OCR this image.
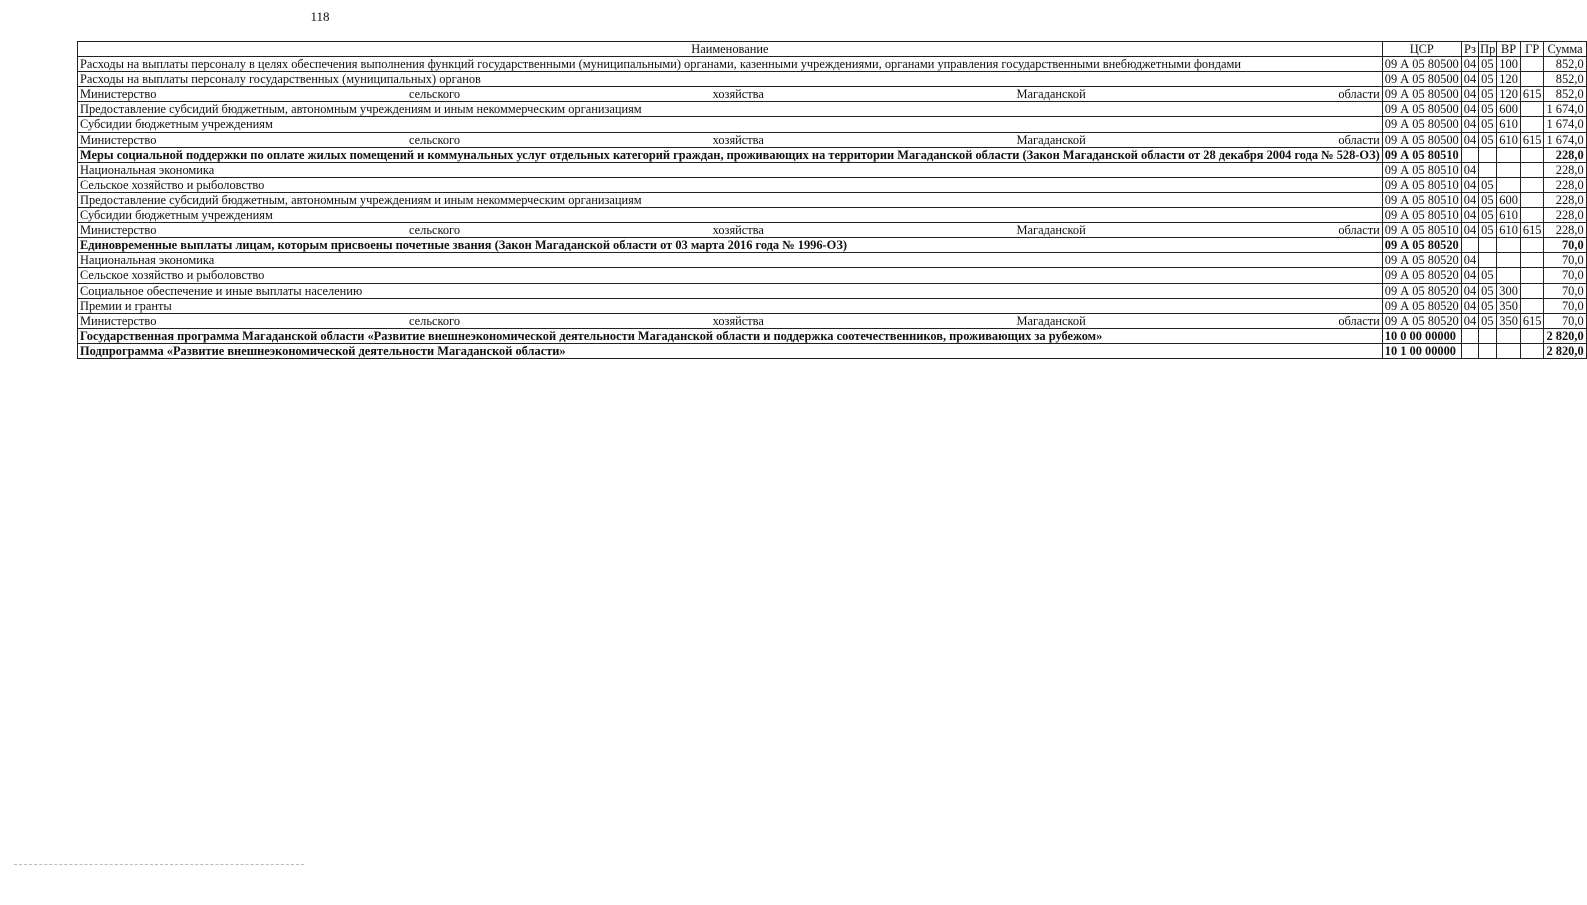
118
Наименование	ЦСР	Рз	Пр	ВР	ГР	Сумма
Расходы на выплаты персоналу в целях обеспечения выполнения функций государственными (муниципальными) органами, казенными учреждениями, органами управления государственными внебюджетными фондами	09 А 05 80500	04	05	100		852,0
Расходы на выплаты персоналу государственных (муниципальных) органов	09 А 05 80500	04	05	120		852,0
Министерство сельского хозяйства Магаданской области	09 А 05 80500	04	05	120	615	852,0
Предоставление субсидий бюджетным, автономным учреждениям и иным некоммерческим организациям	09 А 05 80500	04	05	600		1 674,0
Субсидии бюджетным учреждениям	09 А 05 80500	04	05	610		1 674,0
Министерство сельского хозяйства Магаданской области	09 А 05 80500	04	05	610	615	1 674,0
Меры социальной поддержки по оплате жилых помещений и коммунальных услуг отдельных категорий граждан, проживающих на территории Магаданской области (Закон Магаданской области от 28 декабря 2004 года № 528-ОЗ)	09 А 05 80510					228,0
Национальная экономика	09 А 05 80510	04				228,0
Сельское хозяйство и рыболовство	09 А 05 80510	04	05			228,0
Предоставление субсидий бюджетным, автономным учреждениям и иным некоммерческим организациям	09 А 05 80510	04	05	600		228,0
Субсидии бюджетным учреждениям	09 А 05 80510	04	05	610		228,0
Министерство сельского хозяйства Магаданской области	09 А 05 80510	04	05	610	615	228,0
Единовременные выплаты лицам, которым присвоены почетные звания (Закон Магаданской области от 03 марта 2016 года № 1996-ОЗ)	09 А 05 80520					70,0
Национальная экономика	09 А 05 80520	04				70,0
Сельское хозяйство и рыболовство	09 А 05 80520	04	05			70,0
Социальное обеспечение и иные выплаты населению	09 А 05 80520	04	05	300		70,0
Премии и гранты	09 А 05 80520	04	05	350		70,0
Министерство сельского хозяйства Магаданской области	09 А 05 80520	04	05	350	615	70,0
Государственная программа Магаданской области «Развитие внешнеэкономической деятельности Магаданской области и поддержка соотечественников, проживающих за рубежом»	10 0 00 00000					2 820,0
Подпрограмма «Развитие внешнеэкономической деятельности Магаданской области»	10 1 00 00000					2 820,0
